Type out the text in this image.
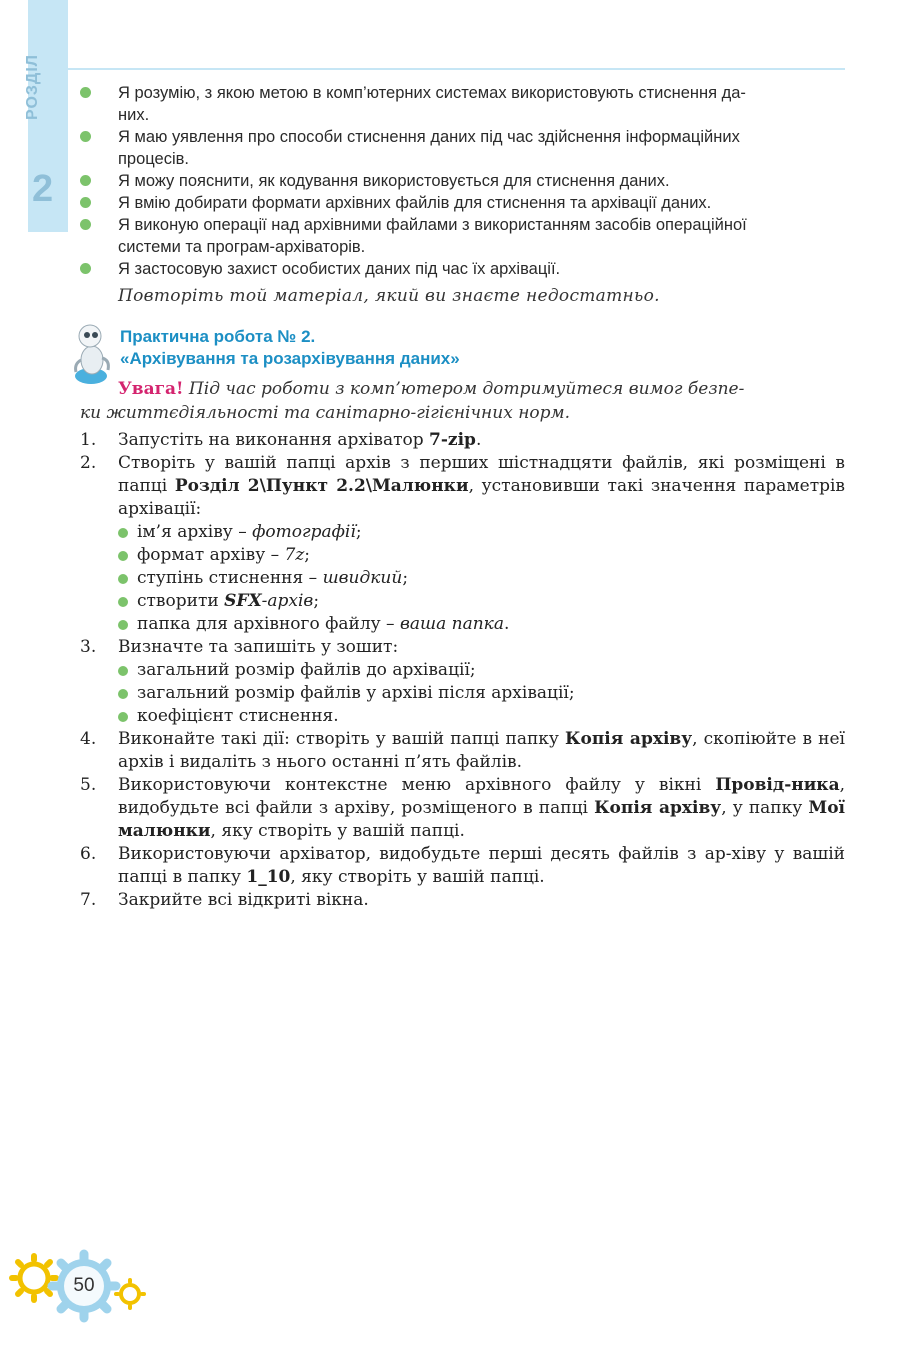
РОЗДІЛ
2
Я розумію, з якою метою в комп’ютерних системах використовують стиснення да-
них.
Я маю уявлення про способи стиснення даних під час здійснення інформаційних
процесів.
Я можу пояснити, як кодування використовується для стиснення даних.
Я вмію добирати формати архівних файлів для стиснення та архівації даних.
Я виконую операції над архівними файлами з використанням засобів операційної
системи та програм-архіваторів.
Я застосовую захист особистих даних під час їх архівації.
Повторіть той матеріал, який ви знаєте недостатньо.
Практична робота № 2.
«Архівування та розархівування даних»
Увага! Під час роботи з комп’ютером дотримуйтеся вимог безпе-
ки життєдіяльності та санітарно-гігієнічних норм.
1. Запустіть на виконання архіватор 7-zip.
2. Створіть у вашій папці архів з перших шістнадцяти файлів, які розміщені в папці Розділ 2\Пункт 2.2\Малюнки, установивши такі значення параметрів архівації:
ім’я архіву – фотографії;
формат архіву – 7z;
ступінь стиснення – швидкий;
створити SFX-архів;
папка для архівного файлу – ваша папка.
3. Визначте та запишіть у зошит:
загальний розмір файлів до архівації;
загальний розмір файлів у архіві після архівації;
коефіцієнт стиснення.
4. Виконайте такі дії: створіть у вашій папці папку Копія архіву, скопіюйте в неї архів і видаліть з нього останні п’ять файлів.
5. Використовуючи контекстне меню архівного файлу у вікні Провід-ника, видобудьте всі файли з архіву, розміщеного в папці Копія архіву, у папку Мої малюнки, яку створіть у вашій папці.
6. Використовуючи архіватор, видобудьте перші десять файлів з ар-хіву у вашій папці в папку 1_10, яку створіть у вашій папці.
7. Закрийте всі відкриті вікна.
50
